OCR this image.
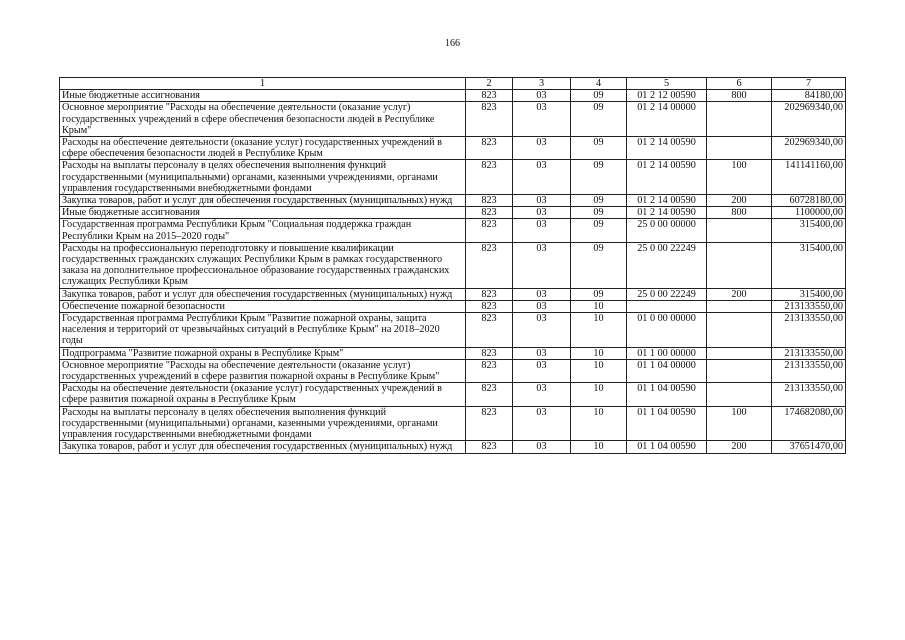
166
1	2	3	4	5	6	7
Иные бюджетные ассигнования	823	03	09	01 2 12 00590	800	84180,00
Основное мероприятие "Расходы на обеспечение деятельности (оказание услуг) государственных учреждений в сфере обеспечения безопасности людей в Республике Крым"	823	03	09	01 2 14 00000		202969340,00
Расходы на обеспечение деятельности (оказание услуг) государственных учреждений в сфере обеспечения безопасности людей в Республике Крым	823	03	09	01 2 14 00590		202969340,00
Расходы на выплаты персоналу в целях обеспечения выполнения функций государственными (муниципальными) органами, казенными учреждениями, органами управления государственными внебюджетными фондами	823	03	09	01 2 14 00590	100	141141160,00
Закупка товаров, работ и услуг для обеспечения государственных (муниципальных) нужд	823	03	09	01 2 14 00590	200	60728180,00
Иные бюджетные ассигнования	823	03	09	01 2 14 00590	800	1100000,00
Государственная программа Республики Крым "Социальная поддержка граждан Республики Крым на 2015–2020 годы"	823	03	09	25 0 00 00000		315400,00
Расходы на профессиональную переподготовку и повышение квалификации государственных гражданских служащих Республики Крым в рамках государственного заказа на дополнительное профессиональное образование государственных гражданских служащих Республики Крым	823	03	09	25 0 00 22249		315400,00
Закупка товаров, работ и услуг для обеспечения государственных (муниципальных) нужд	823	03	09	25 0 00 22249	200	315400,00
Обеспечение пожарной безопасности	823	03	10			213133550,00
Государственная программа Республики Крым "Развитие пожарной охраны, защита населения и территорий от чрезвычайных ситуаций в Республике Крым" на 2018–2020 годы	823	03	10	01 0 00 00000		213133550,00
Подпрограмма "Развитие пожарной охраны в Республике Крым"	823	03	10	01 1 00 00000		213133550,00
Основное мероприятие "Расходы на обеспечение деятельности (оказание услуг) государственных учреждений в сфере развития пожарной охраны в Республике Крым"	823	03	10	01 1 04 00000		213133550,00
Расходы на обеспечение деятельности (оказание услуг) государственных учреждений в сфере развития пожарной охраны в Республике Крым	823	03	10	01 1 04 00590		213133550,00
Расходы на выплаты персоналу в целях обеспечения выполнения функций государственными (муниципальными) органами, казенными учреждениями, органами управления государственными внебюджетными фондами	823	03	10	01 1 04 00590	100	174682080,00
Закупка товаров, работ и услуг для обеспечения государственных (муниципальных) нужд	823	03	10	01 1 04 00590	200	37651470,00
